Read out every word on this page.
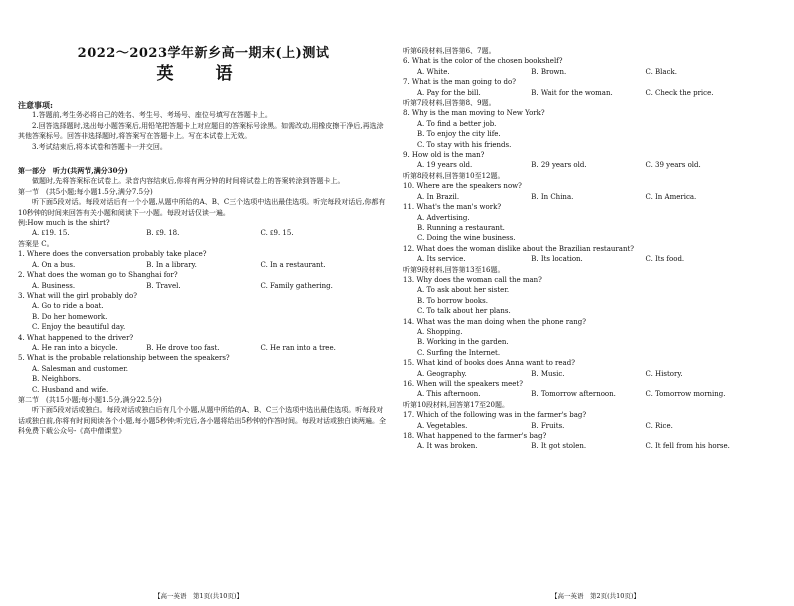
2022～2023学年新乡高一期末(上)测试
英 语
注意事项:
1.答题前,考生务必将自己的姓名、考生号、考场号、座位号填写在答题卡上。
2.回答选择题时,选出每小题答案后,用铅笔把答题卡上对应题目的答案标号涂黑。如需改动,用橡皮擦干净后,再选涂其他答案标号。回答非选择题时,将答案写在答题卡上。写在本试卷上无效。
3.考试结束后,将本试卷和答题卡一并交回。
第一部分　听力(共两节,满分30分)
做题时,先将答案标在试卷上。录音内容结束后,你将有两分钟的时间将试卷上的答案转涂到答题卡上。
第一节　(共5小题;每小题1.5分,满分7.5分)
听下面5段对话。每段对话后有一个小题,从题中所给的A、B、C三个选项中选出最佳选项。听完每段对话后,你都有10秒钟的时间来回答有关小题和阅读下一小题。每段对话仅读一遍。
例:How much is the shirt?
A. ₤19. 15.	B. ₤9. 18.	C. ₤9. 15.
答案是 C。
1. Where does the conversation probably take place?
A. On a bus.	B. In a library.	C. In a restaurant.
2. What does the woman go to Shanghai for?
A. Business.	B. Travel.	C. Family gathering.
3. What will the girl probably do?
A. Go to ride a boat.
B. Do her homework.
C. Enjoy the beautiful day.
4. What happened to the driver?
A. He ran into a bicycle.	B. He drove too fast.	C. He ran into a tree.
5. What is the probable relationship between the speakers?
A. Salesman and customer.
B. Neighbors.
C. Husband and wife.
第二节　(共15小题;每小题1.5分,满分22.5分)
听下面5段对话或独白。每段对话或独白后有几个小题,从题中所给的A、B、C三个选项中选出最佳选项。听每段对话或独白前,你将有时间阅读各个小题,每小题5秒钟;听完后,各小题将给出5秒钟的作答时间。每段对话或独白读两遍。全科免费下载公众号-《高中僧课堂》
【高一英语　第1页(共10页)】
听第6段材料,回答第6、7题。
6. What is the color of the chosen bookshelf?
A. White.	B. Brown.	C. Black.
7. What is the man going to do?
A. Pay for the bill.	B. Wait for the woman.	C. Check the price.
听第7段材料,回答第8、9题。
8. Why is the man moving to New York?
A. To find a better job.
B. To enjoy the city life.
C. To stay with his friends.
9. How old is the man?
A. 19 years old.	B. 29 years old.	C. 39 years old.
听第8段材料,回答第10至12题。
10. Where are the speakers now?
A. In Brazil.	B. In China.	C. In America.
11. What's the man's work?
A. Advertising.
B. Running a restaurant.
C. Doing the wine business.
12. What does the woman dislike about the Brazilian restaurant?
A. Its service.	B. Its location.	C. Its food.
听第9段材料,回答第13至16题。
13. Why does the woman call the man?
A. To ask about her sister.
B. To borrow books.
C. To talk about her plans.
14. What was the man doing when the phone rang?
A. Shopping.
B. Working in the garden.
C. Surfing the Internet.
15. What kind of books does Anna want to read?
A. Geography.	B. Music.	C. History.
16. When will the speakers meet?
A. This afternoon.	B. Tomorrow afternoon.	C. Tomorrow morning.
听第10段材料,回答第17至20题。
17. Which of the following was in the farmer's bag?
A. Vegetables.	B. Fruits.	C. Rice.
18. What happened to the farmer's bag?
A. It was broken.	B. It got stolen.	C. It fell from his horse.
【高一英语　第2页(共10页)】
